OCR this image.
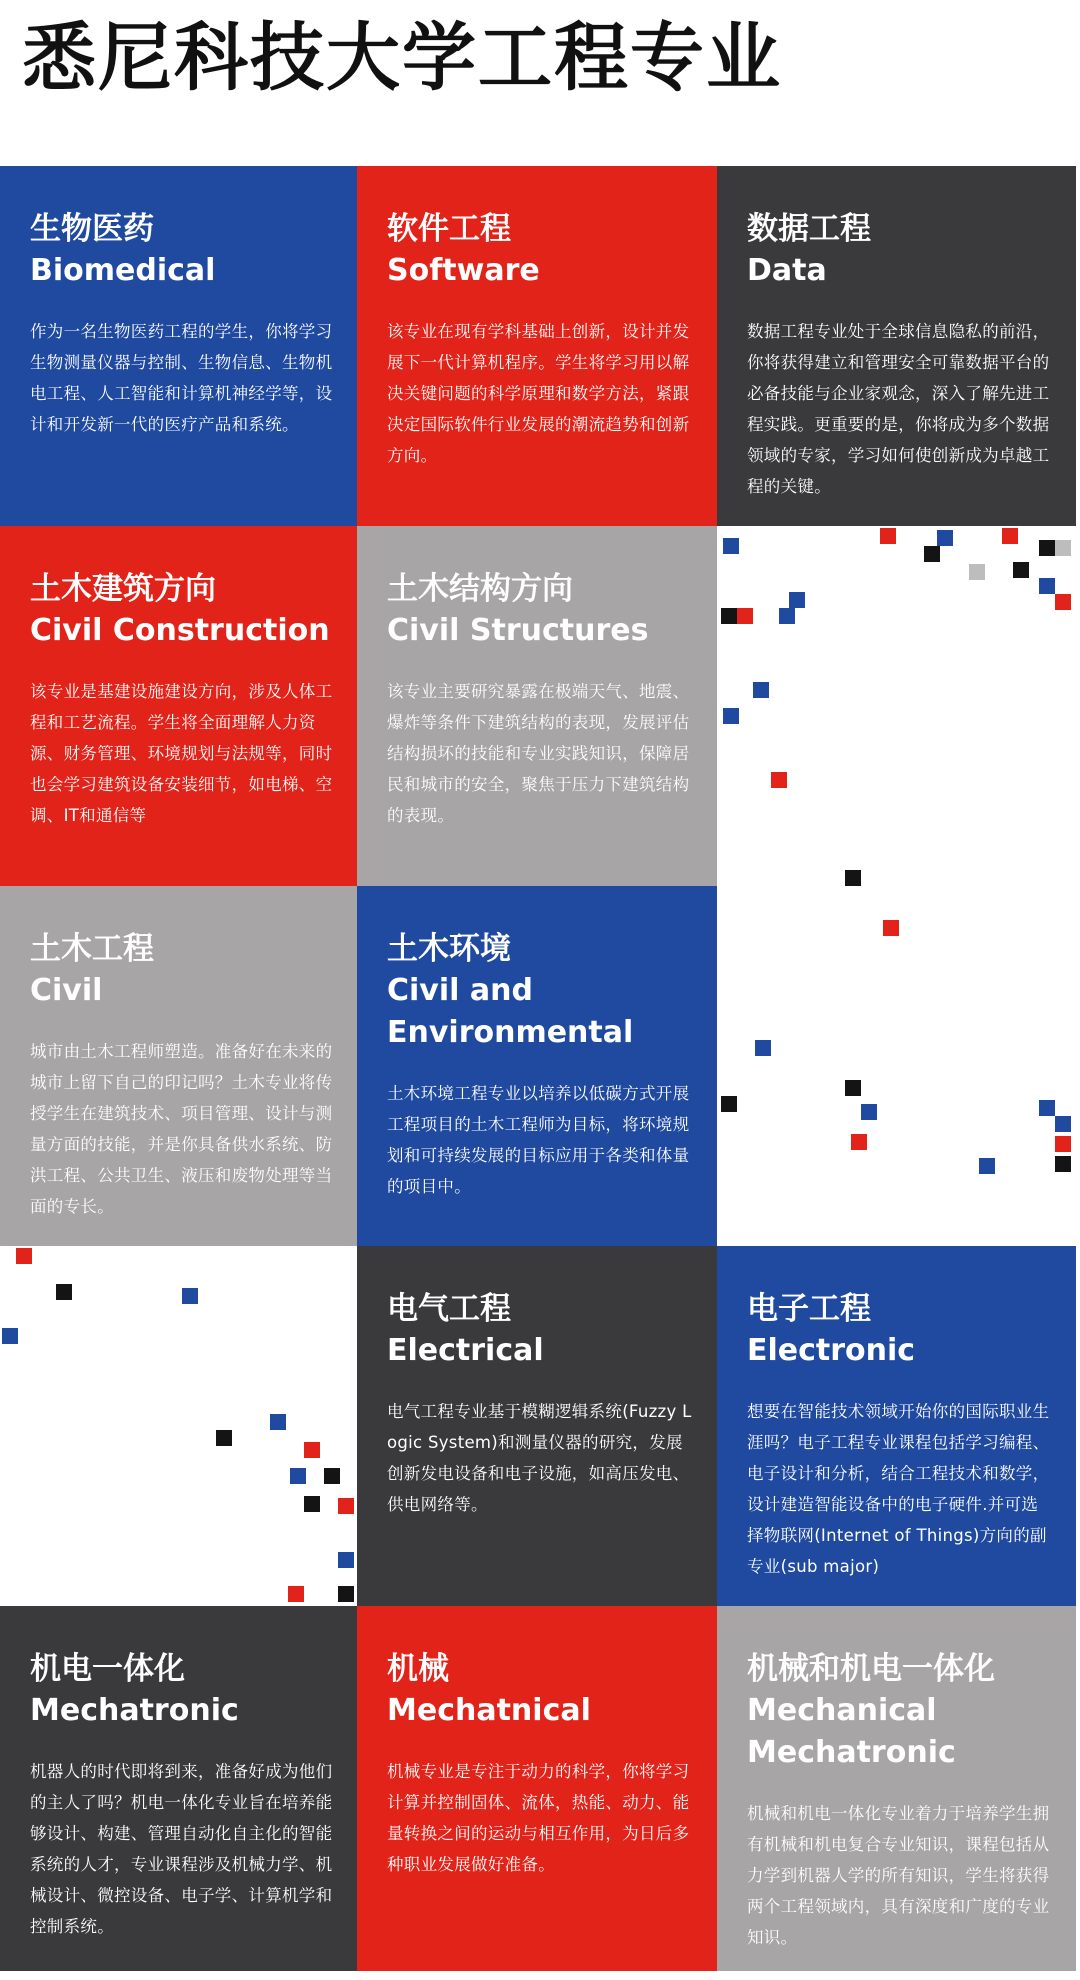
悉尼科技大学工程专业
生物医药
Biomedical
作为一名生物医药工程的学生，你将学习生物测量仪器与控制、生物信息、生物机电工程、人工智能和计算机神经学等，设计和开发新一代的医疗产品和系统。
软件工程
Software
该专业在现有学科基础上创新，设计并发展下一代计算机程序。学生将学习用以解决关键问题的科学原理和数学方法，紧跟决定国际软件行业发展的潮流趋势和创新方向。
数据工程
Data
数据工程专业处于全球信息隐私的前沿，你将获得建立和管理安全可靠数据平台的必备技能与企业家观念，深入了解先进工程实践。更重要的是，你将成为多个数据领域的专家，学习如何使创新成为卓越工程的关键。
土木建筑方向
Civil Construction
该专业是基建设施建设方向，涉及人体工程和工艺流程。学生将全面理解人力资源、财务管理、环境规划与法规等，同时也会学习建筑设备安装细节，如电梯、空调、IT和通信等
土木结构方向
Civil Structures
该专业主要研究暴露在极端天气、地震、爆炸等条件下建筑结构的表现，发展评估结构损坏的技能和专业实践知识，保障居民和城市的安全，聚焦于压力下建筑结构的表现。
土木工程
Civil
城市由土木工程师塑造。准备好在未来的城市上留下自己的印记吗？土木专业将传授学生在建筑技术、项目管理、设计与测量方面的技能，并是你具备供水系统、防洪工程、公共卫生、液压和废物处理等当面的专长。
土木环境
Civil and
Environmental
土木环境工程专业以培养以低碳方式开展工程项目的土木工程师为目标，将环境规划和可持续发展的目标应用于各类和体量的项目中。
电气工程
Electrical
电气工程专业基于模糊逻辑系统(Fuzzy Logic System)和测量仪器的研究，发展创新发电设备和电子设施，如高压发电、供电网络等。
电子工程
Electronic
想要在智能技术领域开始你的国际职业生涯吗？电子工程专业课程包括学习编程、电子设计和分析，结合工程技术和数学，设计建造智能设备中的电子硬件.并可选择物联网(Internet of Things)方向的副专业(sub major)
机电一体化
Mechatronic
机器人的时代即将到来，准备好成为他们的主人了吗？机电一体化专业旨在培养能够设计、构建、管理自动化自主化的智能系统的人才，专业课程涉及机械力学、机械设计、微控设备、电子学、计算机学和控制系统。
机械
Mechatnical
机械专业是专注于动力的科学，你将学习计算并控制固体、流体，热能、动力、能量转换之间的运动与相互作用，为日后多种职业发展做好准备。
机械和机电一体化
Mechanical
Mechatronic
机械和机电一体化专业着力于培养学生拥有机械和机电复合专业知识，课程包括从力学到机器人学的所有知识，学生将获得两个工程领域内，具有深度和广度的专业知识。
